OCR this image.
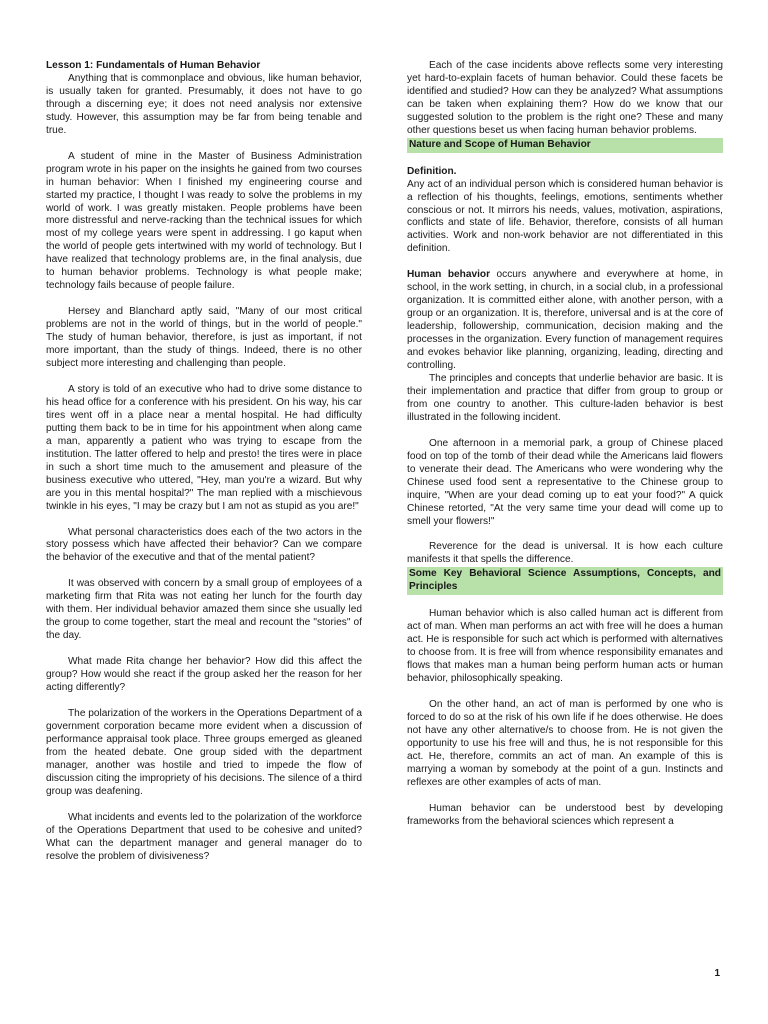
Lesson 1: Fundamentals of Human Behavior

Anything that is commonplace and obvious, like human behavior, is usually taken for granted. Presumably, it does not have to go through a discerning eye; it does not need analysis nor extensive study. However, this assumption may be far from being tenable and true.

A student of mine in the Master of Business Administration program wrote in his paper on the insights he gained from two courses in human behavior: When I finished my engineering course and started my practice, I thought I was ready to solve the problems in my world of work. I was greatly mistaken. People problems have been more distressful and nerve-racking than the technical issues for which most of my college years were spent in addressing. I go kaput when the world of people gets intertwined with my world of technology. But I have realized that technology problems are, in the final analysis, due to human behavior problems. Technology is what people make; technology fails because of people failure.

Hersey and Blanchard aptly said, "Many of our most critical problems are not in the world of things, but in the world of people." The study of human behavior, therefore, is just as important, if not more important, than the study of things. Indeed, there is no other subject more interesting and challenging than people.

A story is told of an executive who had to drive some distance to his head office for a conference with his president. On his way, his car tires went off in a place near a mental hospital. He had difficulty putting them back to be in time for his appointment when along came a man, apparently a patient who was trying to escape from the institution. The latter offered to help and presto! the tires were in place in such a short time much to the amusement and pleasure of the business executive who uttered, "Hey, man you're a wizard. But why are you in this mental hospital?" The man replied with a mischievous twinkle in his eyes, "I may be crazy but I am not as stupid as you are!"

What personal characteristics does each of the two actors in the story possess which have affected their behavior? Can we compare the behavior of the executive and that of the mental patient?

It was observed with concern by a small group of employees of a marketing firm that Rita was not eating her lunch for the fourth day with them. Her individual behavior amazed them since she usually led the group to come together, start the meal and recount the "stories" of the day.

What made Rita change her behavior? How did this affect the group? How would she react if the group asked her the reason for her acting differently?

The polarization of the workers in the Operations Department of a government corporation became more evident when a discussion of performance appraisal took place. Three groups emerged as gleaned from the heated debate. One group sided with the department manager, another was hostile and tried to impede the flow of discussion citing the impropriety of his decisions. The silence of a third group was deafening.

What incidents and events led to the polarization of the workforce of the Operations Department that used to be cohesive and united? What can the department manager and general manager do to resolve the problem of divisiveness?

Each of the case incidents above reflects some very interesting yet hard-to-explain facets of human behavior. Could these facets be identified and studied? How can they be analyzed? What assumptions can be taken when explaining them? How do we know that our suggested solution to the problem is the right one? These and many other questions beset us when facing human behavior problems.

Nature and Scope of Human Behavior

Definition.

Any act of an individual person which is considered human behavior is a reflection of his thoughts, feelings, emotions, sentiments whether conscious or not. It mirrors his needs, values, motivation, aspirations, conflicts and state of life. Behavior, therefore, consists of all human activities. Work and non-work behavior are not differentiated in this definition.

Human behavior occurs anywhere and everywhere at home, in school, in the work setting, in church, in a social club, in a professional organization. It is committed either alone, with another person, with a group or an organization. It is, therefore, universal and is at the core of leadership, followership, communication, decision making and the processes in the organization. Every function of management requires and evokes behavior like planning, organizing, leading, directing and controlling.

The principles and concepts that underlie behavior are basic. It is their implementation and practice that differ from group to group or from one country to another. This culture-laden behavior is best illustrated in the following incident.

One afternoon in a memorial park, a group of Chinese placed food on top of the tomb of their dead while the Americans laid flowers to venerate their dead. The Americans who were wondering why the Chinese used food sent a representative to the Chinese group to inquire, "When are your dead coming up to eat your food?" A quick Chinese retorted, "At the very same time your dead will come up to smell your flowers!"

Reverence for the dead is universal. It is how each culture manifests it that spells the difference.

Some Key Behavioral Science Assumptions, Concepts, and Principles

Human behavior which is also called human act is different from act of man. When man performs an act with free will he does a human act. He is responsible for such act which is performed with alternatives to choose from. It is free will from whence responsibility emanates and flows that makes man a human being perform human acts or human behavior, philosophically speaking.

On the other hand, an act of man is performed by one who is forced to do so at the risk of his own life if he does otherwise. He does not have any other alternative/s to choose from. He is not given the opportunity to use his free will and thus, he is not responsible for this act. He, therefore, commits an act of man. An example of this is marrying a woman by somebody at the point of a gun. Instincts and reflexes are other examples of acts of man.

Human behavior can be understood best by developing frameworks from the behavioral sciences which represent a

1
